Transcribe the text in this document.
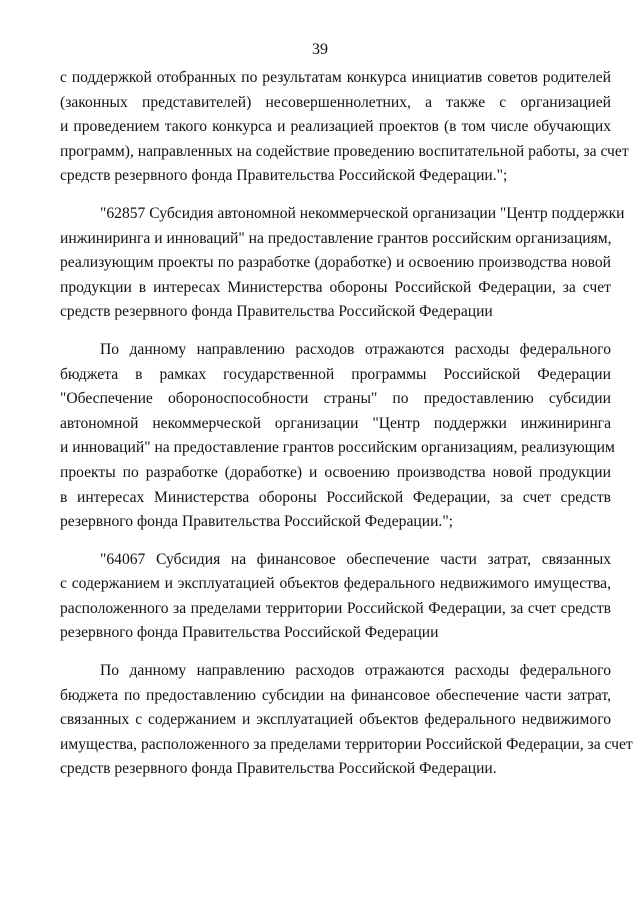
39
с поддержкой отобранных по результатам конкурса инициатив советов родителей
(законных представителей) несовершеннолетних, а также с организацией
и проведением такого конкурса и реализацией проектов (в том числе обучающих
программ), направленных на содействие проведению воспитательной работы, за счет
средств резервного фонда Правительства Российской Федерации.";
"62857 Субсидия автономной некоммерческой организации "Центр поддержки
инжиниринга и инноваций" на предоставление грантов российским организациям,
реализующим проекты по разработке (доработке) и освоению производства новой
продукции в интересах Министерства обороны Российской Федерации, за счет
средств резервного фонда Правительства Российской Федерации
По данному направлению расходов отражаются расходы федерального
бюджета в рамках государственной программы Российской Федерации
"Обеспечение обороноспособности страны" по предоставлению субсидии
автономной некоммерческой организации "Центр поддержки инжиниринга
и инноваций" на предоставление грантов российским организациям, реализующим
проекты по разработке (доработке) и освоению производства новой продукции
в интересах Министерства обороны Российской Федерации, за счет средств
резервного фонда Правительства Российской Федерации.";
"64067 Субсидия на финансовое обеспечение части затрат, связанных
с содержанием и эксплуатацией объектов федерального недвижимого имущества,
расположенного за пределами территории Российской Федерации, за счет средств
резервного фонда Правительства Российской Федерации
По данному направлению расходов отражаются расходы федерального
бюджета по предоставлению субсидии на финансовое обеспечение части затрат,
связанных с содержанием и эксплуатацией объектов федерального недвижимого
имущества, расположенного за пределами территории Российской Федерации, за счет
средств резервного фонда Правительства Российской Федерации.
